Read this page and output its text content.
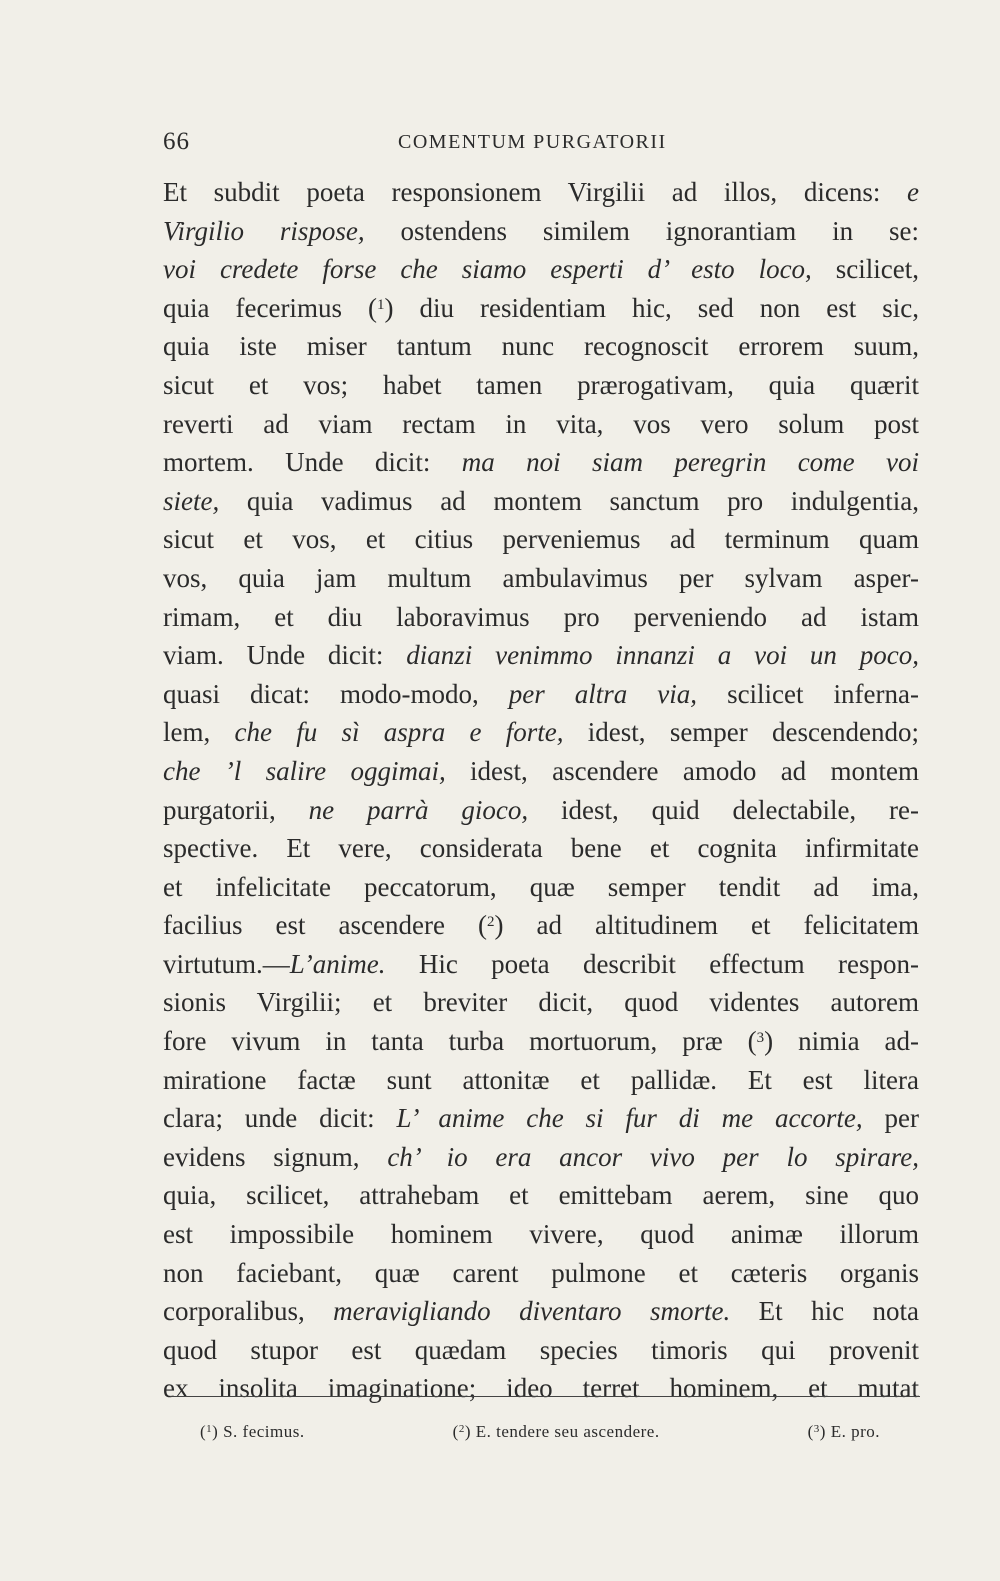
66	COMENTUM PURGATORII
Et subdit poeta responsionem Virgilii ad illos, dicens: e
Virgilio rispose, ostendens similem ignorantiam in se:
voi credete forse che siamo esperti d’ esto loco, scilicet,
quia fecerimus ($^1$) diu residentiam hic, sed non est sic,
quia iste miser tantum nunc recognoscit errorem suum,
sicut et vos; habet tamen prærogativam, quia quærit
reverti ad viam rectam in vita, vos vero solum post
mortem. Unde dicit: ma noi siam peregrin come voi
siete, quia vadimus ad montem sanctum pro indulgentia,
sicut et vos, et citius perveniemus ad terminum quam
vos, quia jam multum ambulavimus per sylvam asper-
rimam, et diu laboravimus pro perveniendo ad istam
viam. Unde dicit: dianzi venimmo innanzi a voi un poco,
quasi dicat: modo-modo, per altra via, scilicet inferna-
lem, che fu sì aspra e forte, idest, semper descendendo;
che ’l salire oggimai, idest, ascendere amodo ad montem
purgatorii, ne parrà gioco, idest, quid delectabile, re-
spective. Et vere, considerata bene et cognita infirmitate
et infelicitate peccatorum, quæ semper tendit ad ima,
facilius est ascendere ($^2$) ad altitudinem et felicitatem
virtutum.—L’anime. Hic poeta describit effectum respon-
sionis Virgilii; et breviter dicit, quod videntes autorem
fore vivum in tanta turba mortuorum, præ ($^3$) nimia ad-
miratione factæ sunt attonitæ et pallidæ. Et est litera
clara; unde dicit: L’ anime che si fur di me accorte, per
evidens signum, ch’ io era ancor vivo per lo spirare,
quia, scilicet, attrahebam et emittebam aerem, sine quo
est impossibile hominem vivere, quod animæ illorum
non faciebant, quæ carent pulmone et cæteris organis
corporalibus, meravigliando diventaro smorte. Et hic nota
quod stupor est quædam species timoris qui provenit
ex insolita imaginatione; ideo terret hominem, et mutat
($^1$) S. fecimus.	($^2$) E. tendere seu ascendere.	($^3$) E. pro.
